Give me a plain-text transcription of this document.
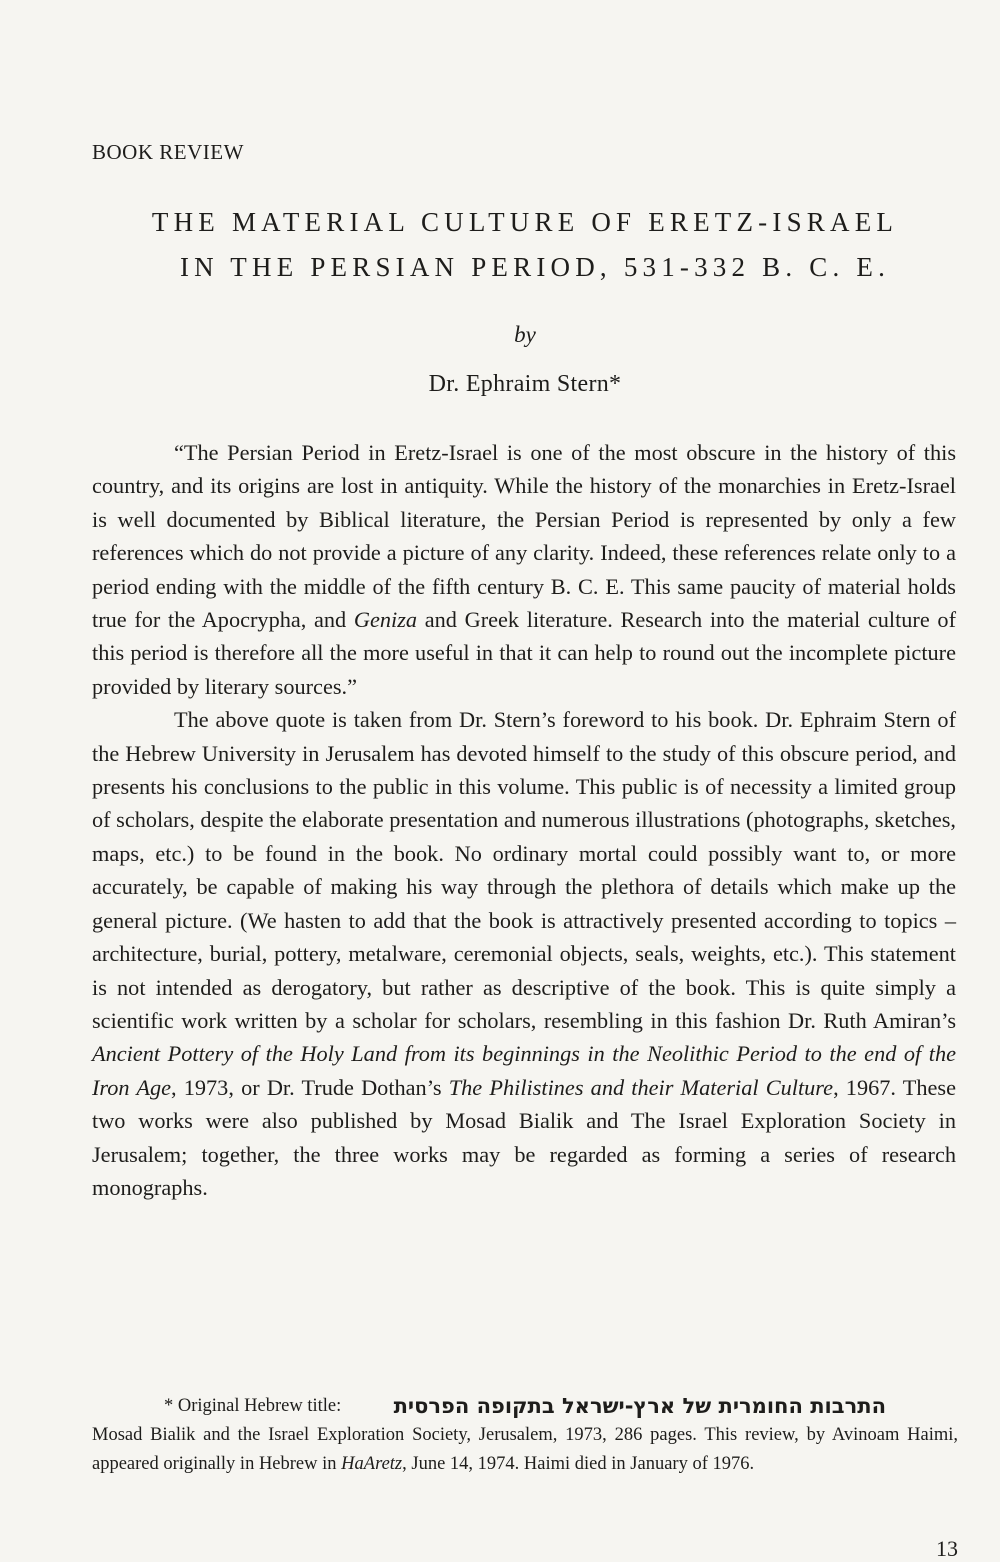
BOOK REVIEW
THE MATERIAL CULTURE OF ERETZ-ISRAEL
IN THE PERSIAN PERIOD, 531-332 B. C. E.
by
Dr. Ephraim Stern*

“The Persian Period in Eretz-Israel is one of the most obscure in the history of this country, and its origins are lost in antiquity. While the history of the monarchies in Eretz-Israel is well documented by Biblical literature, the Persian Period is represented by only a few references which do not provide a picture of any clarity. Indeed, these references relate only to a period ending with the middle of the fifth century B. C. E. This same paucity of material holds true for the Apocrypha, and Geniza and Greek literature. Research into the material culture of this period is therefore all the more useful in that it can help to round out the incomplete picture provided by literary sources.”

The above quote is taken from Dr. Stern’s foreword to his book. Dr. Ephraim Stern of the Hebrew University in Jerusalem has devoted himself to the study of this obscure period, and presents his conclusions to the public in this volume. This public is of necessity a limited group of scholars, despite the elaborate presentation and numerous illustrations (photographs, sketches, maps, etc.) to be found in the book. No ordinary mortal could possibly want to, or more accurately, be capable of making his way through the plethora of details which make up the general picture. (We hasten to add that the book is attractively presented according to topics – architecture, burial, pottery, metalware, ceremonial objects, seals, weights, etc.). This statement is not intended as derogatory, but rather as descriptive of the book. This is quite simply a scientific work written by a scholar for scholars, resembling in this fashion Dr. Ruth Amiran’s Ancient Pottery of the Holy Land from its beginnings in the Neolithic Period to the end of the Iron Age, 1973, or Dr. Trude Dothan’s The Philistines and their Material Culture, 1967. These two works were also published by Mosad Bialik and The Israel Exploration Society in Jerusalem; together, the three works may be regarded as forming a series of research monographs.

* Original Hebrew title: התרבות החומרית של ארץ-ישראל בתקופה הפרסית
Mosad Bialik and the Israel Exploration Society, Jerusalem, 1973, 286 pages. This review, by Avinoam Haimi, appeared originally in Hebrew in HaAretz, June 14, 1974. Haimi died in January of 1976.
13
